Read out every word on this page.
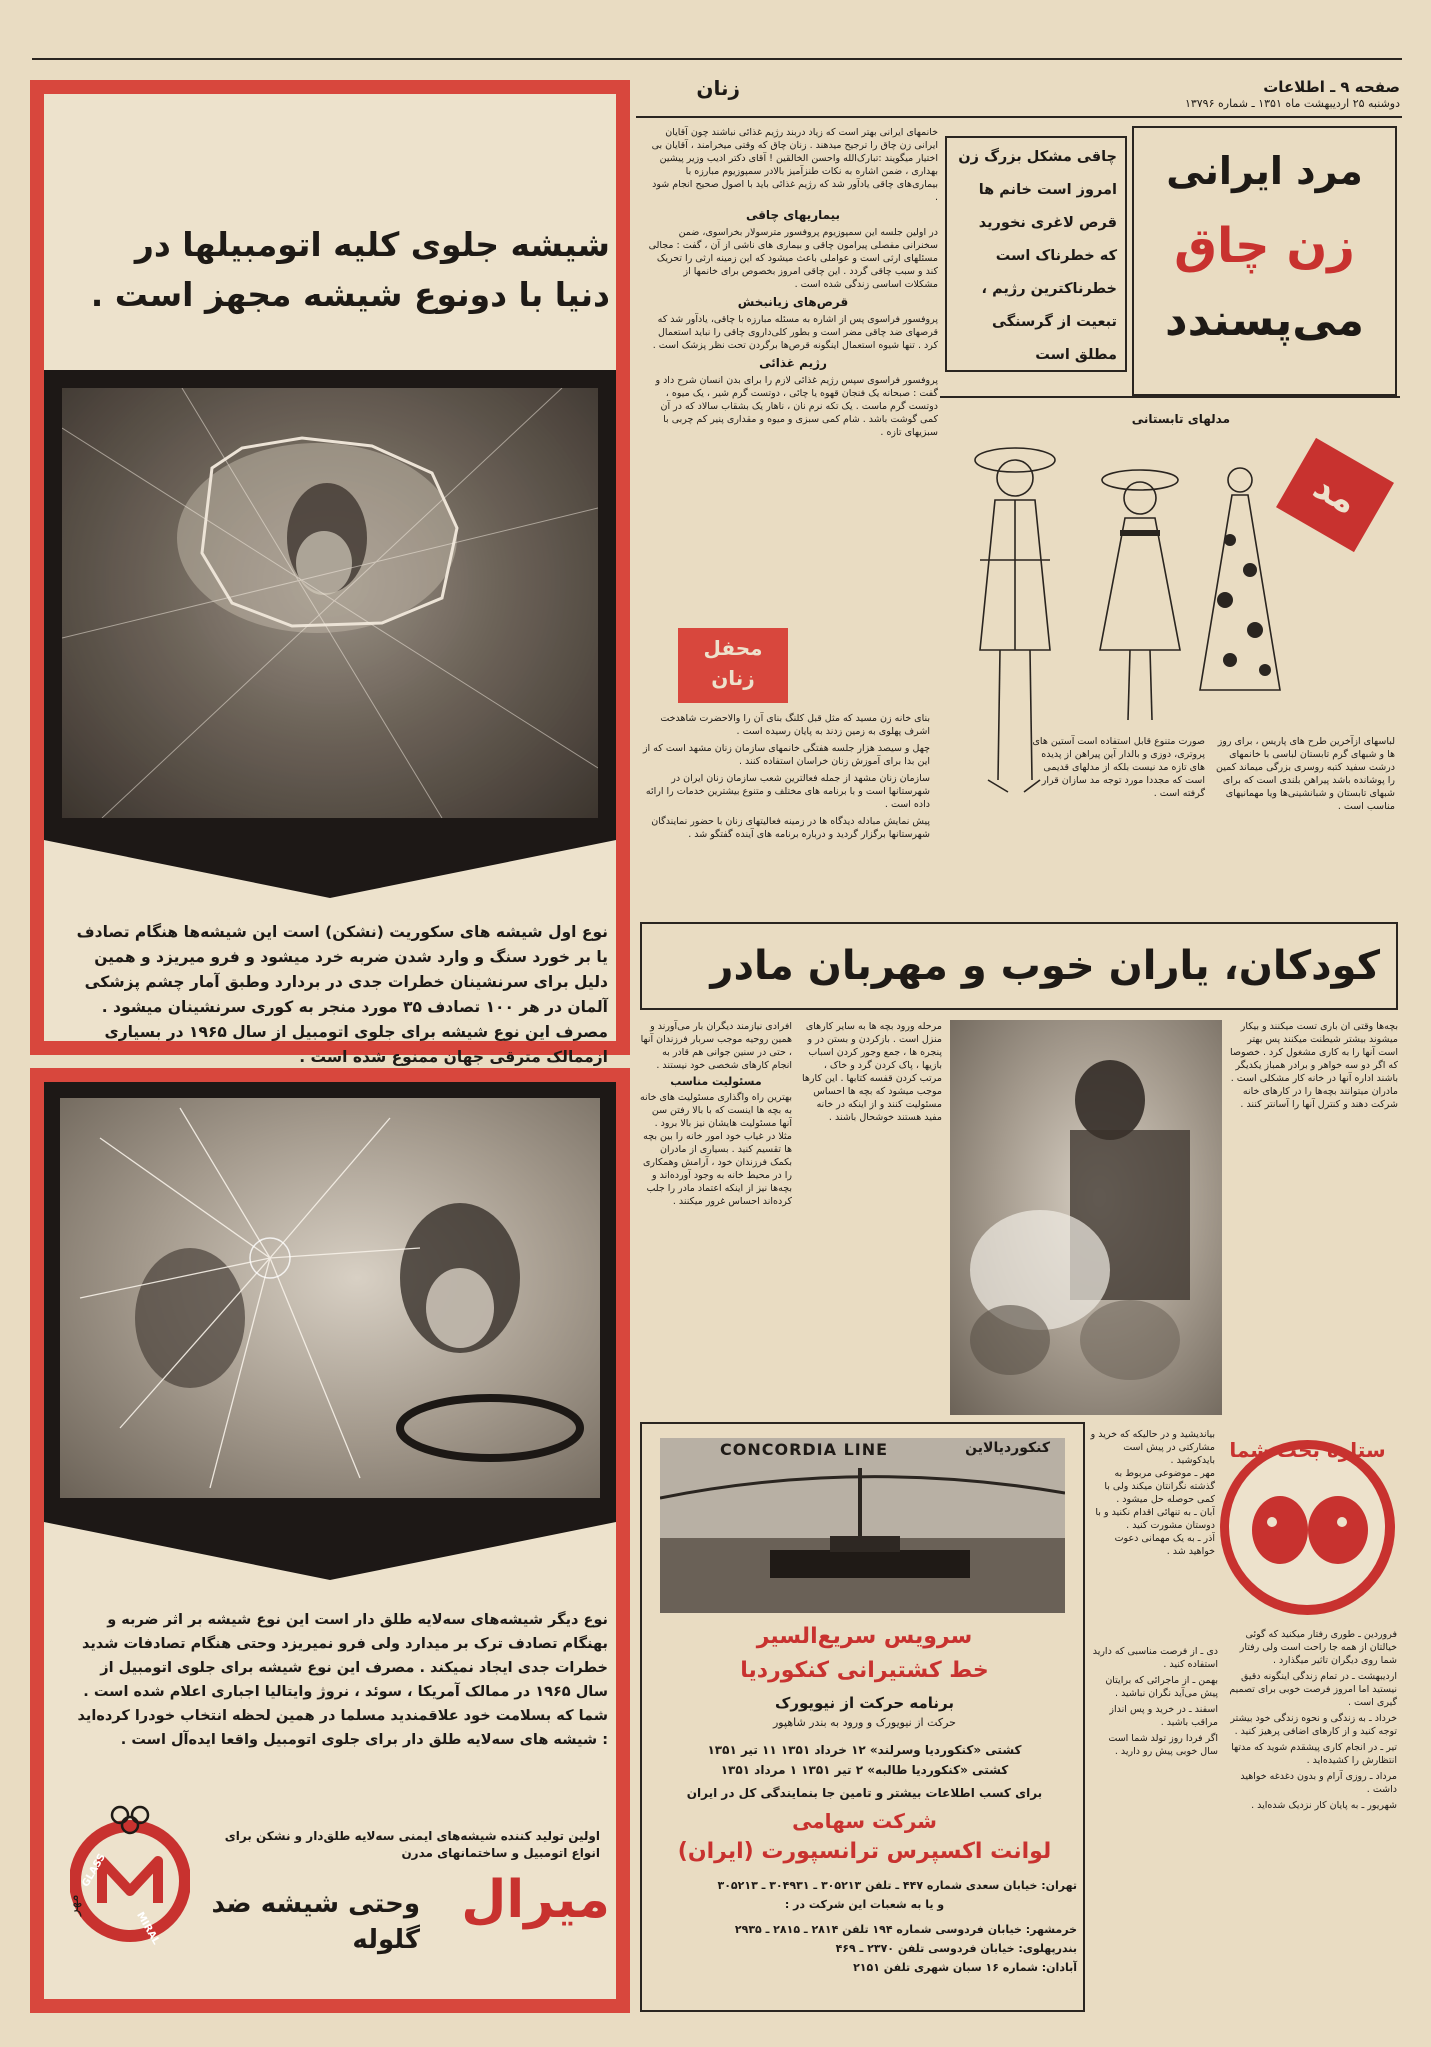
صفحه ۹ ـ اطلاعات
دوشنبه ۲۵ اردیبهشت ماه ۱۳۵۱ ـ شماره ۱۳۷۹۶
زنان
شیشه جلوی کلیه اتومبیلها در دنیا با دونوع شیشه مجهز است .
نوع اول شیشه های سکوریت (نشکن) است این شیشه‌ها هنگام تصادف یا بر خورد سنگ و وارد شدن ضربه خرد میشود و فرو میریزد و همین دلیل برای سرنشینان خطرات جدی در بردارد وطبق آمار چشم پزشکی آلمان در هر ۱۰۰ تصادف ۳۵ مورد منجر به کوری سرنشینان میشود . مصرف این نوع شیشه برای جلوی اتومبیل از سال ۱۹۶۵ در بسیاری ازممالک مترقی جهان ممنوع شده است .
نوع دیگر شیشه‌های سه‌لایه طلق دار است این نوع شیشه بر اثر ضربه و بهنگام تصادف ترک بر میدارد ولی فرو نمیریزد وحتی هنگام تصادفات شدید خطرات جدی ایجاد نمیکند . مصرف این نوع شیشه برای جلوی اتومبیل از سال ۱۹۶۵ در ممالک آمریکا ، سوئد ، نروژ وایتالیا اجباری اعلام شده است . شما که بسلامت خود علاقمندید مسلما در همین لحظه انتخاب خودرا کرده‌اید : شیشه های سه‌لایه طلق دار برای جلوی اتومبیل واقعا ایده‌آل است .
GLASS
MIRAL
اولین تولید کننده شیشه‌های ایمنی سه‌لایه طلق‌دار و نشکن برای انواع اتومبیل و ساختمانهای مدرن
میرال
وحتی شیشه ضد گلوله
مهر
مرد ایرانی
زن چاق
می‌پسندد
چاقی مشکل بزرگ زن
امروز است خانم ها
قرص لاغری نخورید
که خطرناک است
خطرناکترین رژیم ،
تبعیت از گرسنگی
مطلق است
خانمهای ایرانی بهتر است که زیاد دربند رژیم غذائی نباشند چون آقایان ایرانی زن چاق را ترجیح میدهند . زنان چاق که وقتی میخرامند ، آقایان بی اختیار میگویند :تبارک‌الله واحسن الخالقین ! آقای دکتر ادیب وزیر پیشین بهداری ، ضمن اشاره به نکات طنزآمیز بالادر سمپوزیوم مبارزه با بیماری‌های چاقی یادآور شد که رژیم غذائی باید با اصول صحیح انجام شود .
بیماریهای چاقی
در اولین جلسه این سمپوزیوم پروفسور مترسولار بخراسوی، ضمن سخنرانی مفصلی پیرامون چاقی و بیماری های ناشی از آن ، گفت : مجالی مسئلهای ارثی است و عواملی باعث میشود که این زمینه ارثی را تحریک کند و سبب چاقی گردد . این چاقی امروز بخصوص برای خانمها از مشکلات اساسی زندگی شده است .
قرص‌های زیانبخش
پروفسور فراسوی پس از اشاره به مسئله مبارزه با چاقی، یادآور شد که قرصهای ضد چاقی مضر است و بطور کلی‌داروی چاقی را نباید استعمال کرد . تنها شیوه استعمال اینگونه قرص‌ها برگردن تحت نظر پزشک است .
رژیم غذائی
پروفسور فراسوی سپس رژیم غذائی لازم را برای بدن انسان شرح داد و گفت : صبحانه یک فنجان قهوه یا چائی ، دوتست گرم شیر ، یک میوه ، دوتست گرم ماست . یک تکه نرم نان ، ناهار یک بشقاب سالاد که در آن کمی گوشت باشد . شام کمی سبزی و میوه و مقداری پنیر کم چربی با سبزیهای تازه .
مدلهای تابستانی
مد
لباسهای ازآخرین طرح های پاریس ، برای روز ها و شبهای گرم تابستان لباسی با خانمهای درشت سفید کتبه روسری بزرگی میماند کمین را پوشانده باشد پیراهن بلندی است که برای شبهای تابستان و شبانشینی‌ها ویا مهمانیهای مناسب است .
صورت متنوع قابل استفاده است آستین های پروتری، دوزی و بالدار آین پیراهن از پدیده های تازه مد نیست بلکه از مدلهای قدیمی است که مجددا مورد توجه مد سازان قرار گرفته است .
محفل
زنان
بنای خانه زن مسید که مثل قبل کلنگ بنای آن را والاحضرت شاهدخت اشرف پهلوی به زمین زدند به پایان رسیده است .
چهل و سیصد هزار جلسه هفتگی خانمهای سازمان زنان مشهد است که از این بدا برای آموزش زنان خراسان استفاده کنند .
سازمان زنان مشهد از جمله فعالترین شعب سازمان زنان ایران در شهرستانها است و با برنامه های مختلف و متنوع بیشترین خدمات را ارائه داده است .
پیش نمایش مبادله دیدگاه ها در زمینه فعالیتهای زنان با حضور نمایندگان شهرستانها برگزار گردید و درباره برنامه های آینده گفتگو شد .
کودکان، یاران خوب و مهربان مادر
بچه‌ها وقتی ان باری تست میکنند و بیکار میشوند بیشتر شیطنت میکنند پس بهتر است آنها را به کاری مشغول کرد . خصوصا که اگر دو سه خواهر و برادر همباز یکدیگر باشند اداره آنها در خانه کار مشکلی است . مادران میتوانند بچه‌ها را در کارهای خانه شرکت دهند و کنترل آنها را آسانتر کنند .
مرحله ورود بچه ها به سایر کارهای منزل است . بازکردن و بستن در و پنجره ها ، جمع وجور کردن اسباب بازیها ، پاک کردن گرد و خاک ، مرتب کردن قفسه کتابها . این کارها موجب میشود که بچه ها احساس مسئولیت کنند و از اینکه در خانه مفید هستند خوشحال باشند .
افرادی نیازمند دیگران بار می‌آورند و همین روحیه موجب سربار فرزندان آنها ، حتی در سنین جوانی هم قادر به انجام کارهای شخصی خود نیستند .
مسئولیت مناسب
بهترین راه واگذاری مسئولیت های خانه به بچه ها اینست که با بالا رفتن سن آنها مسئولیت هایشان نیز بالا برود . مثلا در غیاب خود امور خانه را بین بچه ها تقسیم کنید . بسیاری از مادران بکمک فرزندان خود ، آرامش وهمکاری را در محیط خانه به وجود آورده‌اند و بچه‌ها نیز از اینکه اعتماد مادر را جلب کرده‌اند احساس غرور میکنند .
CONCORDIA LINE	کنکوردیالاین
سرویس سریع‌السیر
خط کشتیرانی کنکوردیا
برنامه حرکت از نیویورک
حرکت از نیویورک و ورود به بندر شاهپور
کشتی «کنکوردیا وسرلند» ۱۲ خرداد ۱۳۵۱ ۱۱ تیر ۱۳۵۱
کشتی «کنکوردیا طالبه» ۲ تیر ۱۳۵۱ ۱ مرداد ۱۳۵۱
برای کسب اطلاعات بیشتر و تامین جا بنمایندگی کل در ایران
شرکت سهامی
لوانت اکسپرس ترانسپورت (ایران)
تهران: خیابان سعدی شماره ۴۴۷ ـ تلفن ۳۰۵۲۱۳ ـ ۳۰۴۹۳۱ ـ ۳۰۵۲۱۳
و یا به شعبات این شرکت در :
خرمشهر: خیابان فردوسی شماره ۱۹۴ تلفن ۲۸۱۴ ـ ۲۸۱۵ ـ ۲۹۳۵
بندرپهلوی: خیابان فردوسی تلفن ۲۳۷۰ ـ ۴۶۹
آبادان: شماره ۱۶ سبان شهری تلفن ۲۱۵۱
ستاره بخت شما
بیاندیشید و در حالیکه که خرید و مشارکتی در پیش است بایدکوشید .
مهر ـ موضوعی مربوط به گذشته نگرانتان میکند ولی با کمی حوصله حل میشود .
آبان ـ به تنهائی اقدام نکنید و با دوستان مشورت کنید .
آذر ـ به یک مهمانی دعوت خواهید شد .
فروردین ـ طوری رفتار میکنید که گوئی خیالتان از همه جا راحت است ولی رفتار شما روی دیگران تاثیر میگذارد .
اردیبهشت ـ در تمام زندگی اینگونه دقیق نیستید اما امروز فرصت خوبی برای تصمیم گیری است .
خرداد ـ به زندگی و نحوه زندگی خود بیشتر توجه کنید و از کارهای اضافی پرهیز کنید .
تیر ـ در انجام کاری پیشقدم شوید که مدتها انتظارش را کشیده‌اید .
مرداد ـ روزی آرام و بدون دغدغه خواهید داشت .
شهریور ـ به پایان کار نزدیک شده‌اید .
دی ـ از فرصت مناسبی که دارید استفاده کنید .
بهمن ـ از ماجرائی که برایتان پیش می‌آید نگران نباشید .
اسفند ـ در خرید و پس انداز مراقب باشید .
اگر فردا روز تولد شما است سال خوبی پیش رو دارید .
